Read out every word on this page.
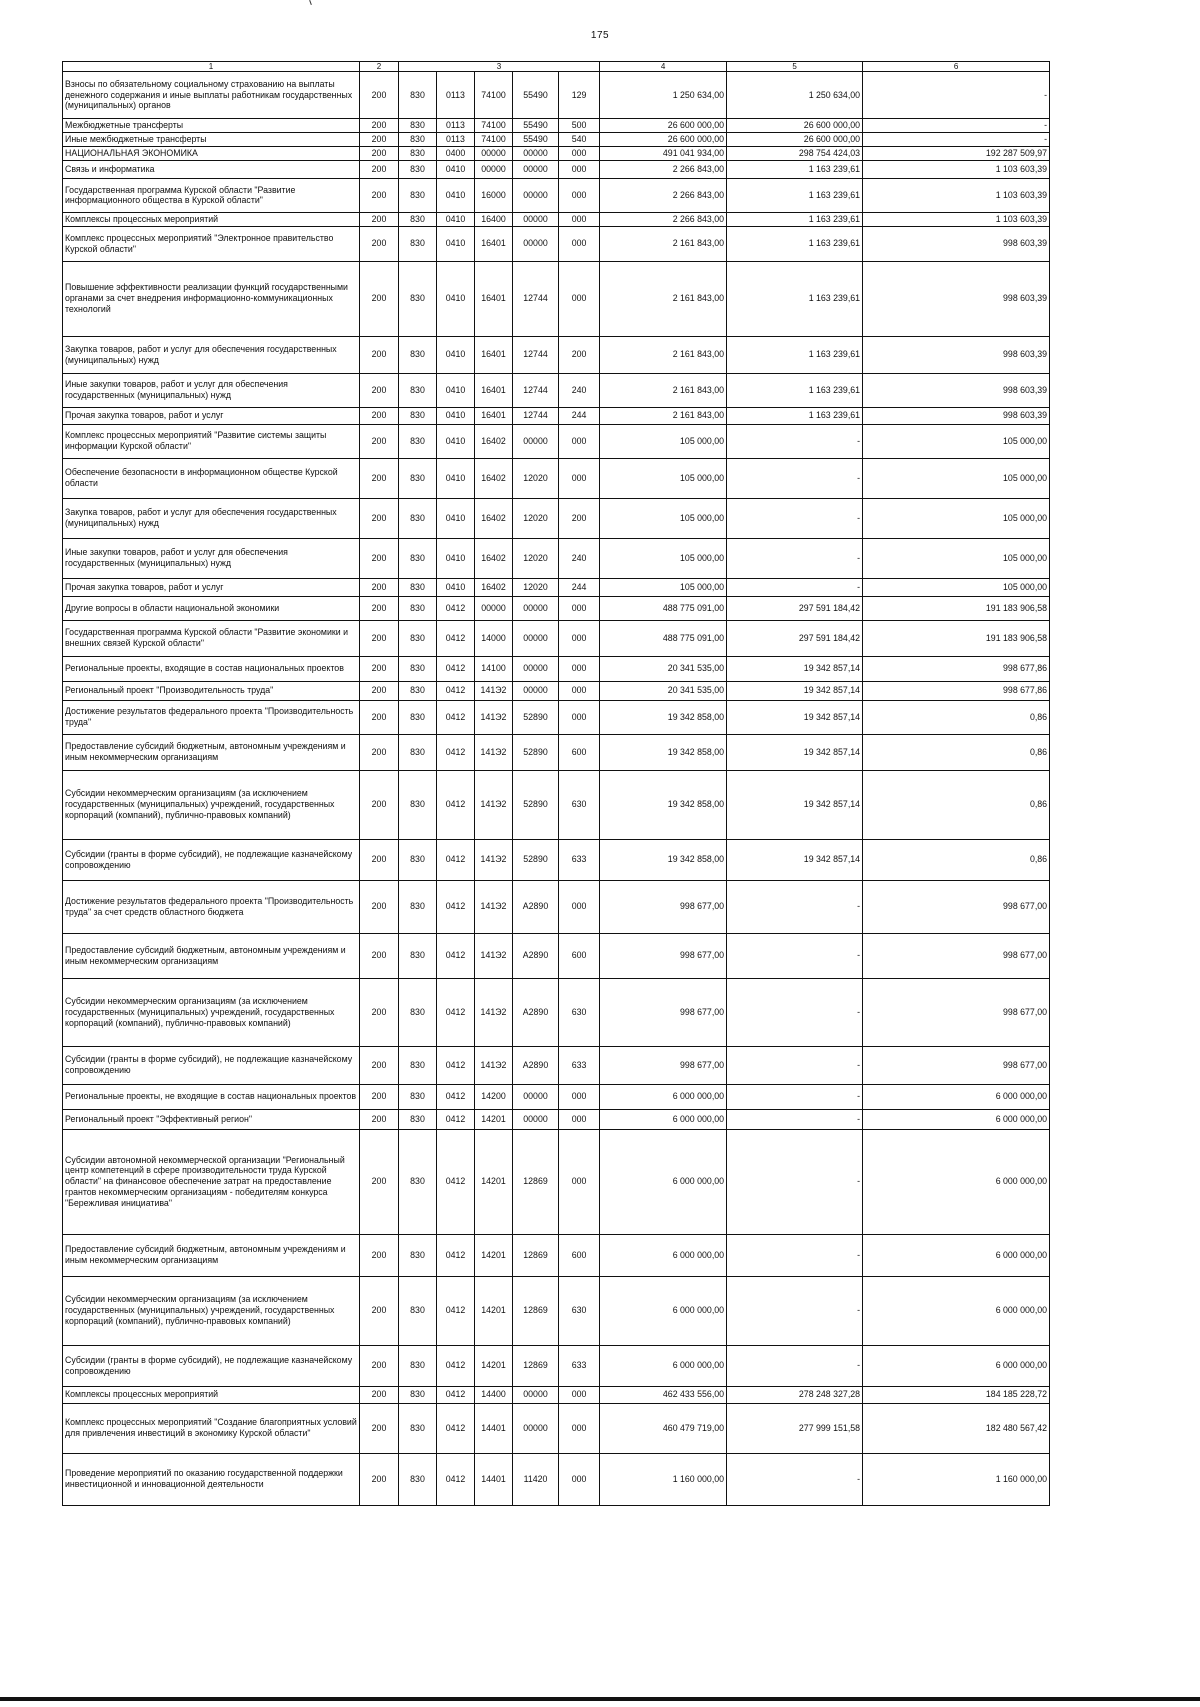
175
1	2	3					4	5	6
Взносы по обязательному социальному страхованию на выплаты денежного содержания и иные выплаты работникам государственных (муниципальных) органов	200	830	0113	74100	55490	129	1 250 634,00	1 250 634,00	-
Межбюджетные трансферты	200	830	0113	74100	55490	500	26 600 000,00	26 600 000,00	-
Иные межбюджетные трансферты	200	830	0113	74100	55490	540	26 600 000,00	26 600 000,00	-
НАЦИОНАЛЬНАЯ ЭКОНОМИКА	200	830	0400	00000	00000	000	491 041 934,00	298 754 424,03	192 287 509,97
Связь и информатика	200	830	0410	00000	00000	000	2 266 843,00	1 163 239,61	1 103 603,39
Государственная программа Курской области "Развитие информационного общества в Курской области"	200	830	0410	16000	00000	000	2 266 843,00	1 163 239,61	1 103 603,39
Комплексы процессных мероприятий	200	830	0410	16400	00000	000	2 266 843,00	1 163 239,61	1 103 603,39
Комплекс процессных мероприятий "Электронное правительство Курской области"	200	830	0410	16401	00000	000	2 161 843,00	1 163 239,61	998 603,39
Повышение эффективности реализации функций государственными органами за счет внедрения информационно-коммуникационных технологий	200	830	0410	16401	12744	000	2 161 843,00	1 163 239,61	998 603,39
Закупка товаров, работ и услуг для обеспечения государственных (муниципальных) нужд	200	830	0410	16401	12744	200	2 161 843,00	1 163 239,61	998 603,39
Иные закупки товаров, работ и услуг для обеспечения государственных (муниципальных) нужд	200	830	0410	16401	12744	240	2 161 843,00	1 163 239,61	998 603,39
Прочая закупка товаров, работ и услуг	200	830	0410	16401	12744	244	2 161 843,00	1 163 239,61	998 603,39
Комплекс процессных мероприятий "Развитие системы защиты информации Курской области"	200	830	0410	16402	00000	000	105 000,00	-	105 000,00
Обеспечение безопасности в информационном обществе Курской области	200	830	0410	16402	12020	000	105 000,00	-	105 000,00
Закупка товаров, работ и услуг для обеспечения государственных (муниципальных) нужд	200	830	0410	16402	12020	200	105 000,00	-	105 000,00
Иные закупки товаров, работ и услуг для обеспечения государственных (муниципальных) нужд	200	830	0410	16402	12020	240	105 000,00	-	105 000,00
Прочая закупка товаров, работ и услуг	200	830	0410	16402	12020	244	105 000,00	-	105 000,00
Другие вопросы в области национальной экономики	200	830	0412	00000	00000	000	488 775 091,00	297 591 184,42	191 183 906,58
Государственная программа Курской области "Развитие экономики и внешних связей Курской области"	200	830	0412	14000	00000	000	488 775 091,00	297 591 184,42	191 183 906,58
Региональные проекты, входящие в состав национальных проектов	200	830	0412	14100	00000	000	20 341 535,00	19 342 857,14	998 677,86
Региональный проект "Производительность труда"	200	830	0412	141Э2	00000	000	20 341 535,00	19 342 857,14	998 677,86
Достижение результатов федерального проекта "Производительность труда"	200	830	0412	141Э2	52890	000	19 342 858,00	19 342 857,14	0,86
Предоставление субсидий бюджетным, автономным учреждениям и иным некоммерческим организациям	200	830	0412	141Э2	52890	600	19 342 858,00	19 342 857,14	0,86
Субсидии некоммерческим организациям (за исключением государственных (муниципальных) учреждений, государственных корпораций (компаний), публично-правовых компаний)	200	830	0412	141Э2	52890	630	19 342 858,00	19 342 857,14	0,86
Субсидии (гранты в форме субсидий), не подлежащие казначейскому сопровождению	200	830	0412	141Э2	52890	633	19 342 858,00	19 342 857,14	0,86
Достижение результатов федерального проекта "Производительность труда" за счет средств областного бюджета	200	830	0412	141Э2	А2890	000	998 677,00	-	998 677,00
Предоставление субсидий бюджетным, автономным учреждениям и иным некоммерческим организациям	200	830	0412	141Э2	А2890	600	998 677,00	-	998 677,00
Субсидии некоммерческим организациям (за исключением государственных (муниципальных) учреждений, государственных корпораций (компаний), публично-правовых компаний)	200	830	0412	141Э2	А2890	630	998 677,00	-	998 677,00
Субсидии (гранты в форме субсидий), не подлежащие казначейскому сопровождению	200	830	0412	141Э2	А2890	633	998 677,00	-	998 677,00
Региональные проекты, не входящие в состав национальных проектов	200	830	0412	14200	00000	000	6 000 000,00	-	6 000 000,00
Региональный проект "Эффективный регион"	200	830	0412	14201	00000	000	6 000 000,00	-	6 000 000,00
Субсидии автономной некоммерческой организации "Региональный центр компетенций в сфере производительности труда Курской области" на финансовое обеспечение затрат на предоставление грантов некоммерческим организациям - победителям конкурса "Бережливая инициатива"	200	830	0412	14201	12869	000	6 000 000,00	-	6 000 000,00
Предоставление субсидий бюджетным, автономным учреждениям и иным некоммерческим организациям	200	830	0412	14201	12869	600	6 000 000,00	-	6 000 000,00
Субсидии некоммерческим организациям (за исключением государственных (муниципальных) учреждений, государственных корпораций (компаний), публично-правовых компаний)	200	830	0412	14201	12869	630	6 000 000,00	-	6 000 000,00
Субсидии (гранты в форме субсидий), не подлежащие казначейскому сопровождению	200	830	0412	14201	12869	633	6 000 000,00	-	6 000 000,00
Комплексы процессных мероприятий	200	830	0412	14400	00000	000	462 433 556,00	278 248 327,28	184 185 228,72
Комплекс процессных мероприятий "Создание благоприятных условий для привлечения инвестиций в экономику Курской области"	200	830	0412	14401	00000	000	460 479 719,00	277 999 151,58	182 480 567,42
Проведение мероприятий по оказанию государственной поддержки инвестиционной и инновационной деятельности	200	830	0412	14401	11420	000	1 160 000,00	-	1 160 000,00
